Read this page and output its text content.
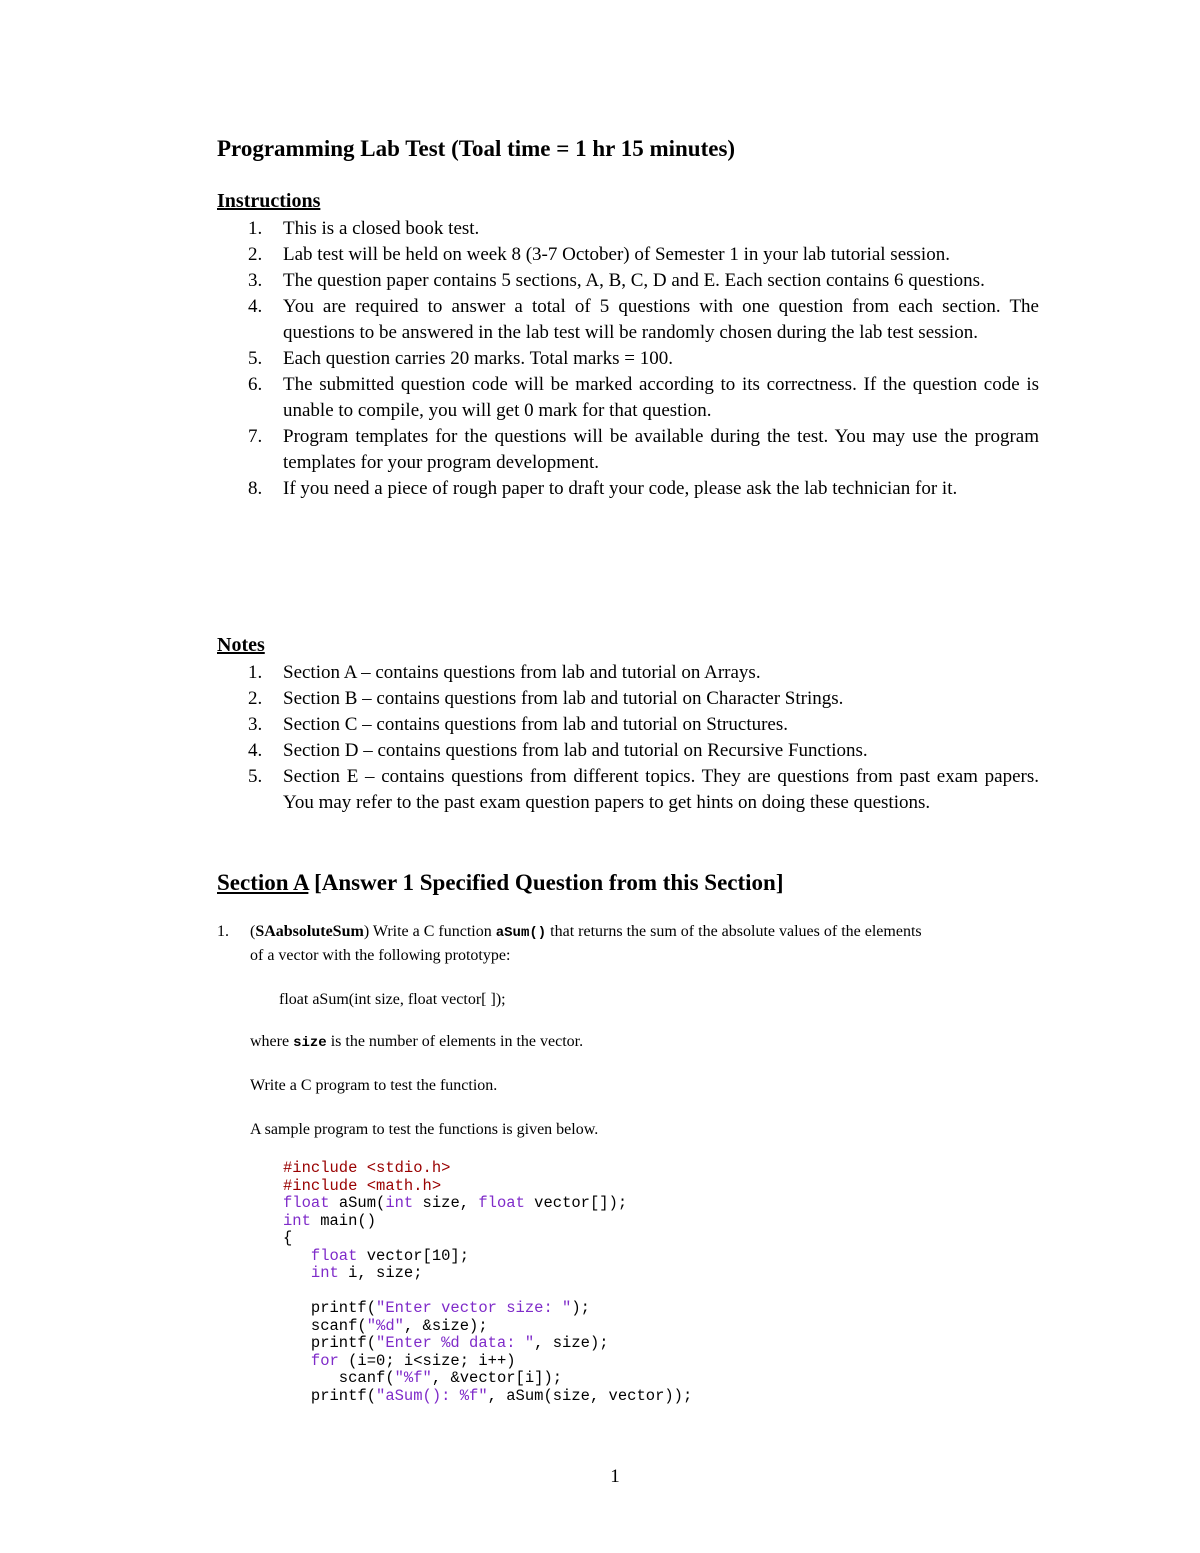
Programming Lab Test (Toal time = 1 hr 15 minutes)
Instructions
1. This is a closed book test.
2. Lab test will be held on week 8 (3-7 October) of Semester 1 in your lab tutorial session.
3. The question paper contains 5 sections, A, B, C, D and E. Each section contains 6 questions.
4. You are required to answer a total of 5 questions with one question from each section. The questions to be answered in the lab test will be randomly chosen during the lab test session.
5. Each question carries 20 marks. Total marks = 100.
6. The submitted question code will be marked according to its correctness. If the question code is unable to compile, you will get 0 mark for that question.
7. Program templates for the questions will be available during the test. You may use the program templates for your program development.
8. If you need a piece of rough paper to draft your code, please ask the lab technician for it.
Notes
1. Section A – contains questions from lab and tutorial on Arrays.
2. Section B – contains questions from lab and tutorial on Character Strings.
3. Section C – contains questions from lab and tutorial on Structures.
4. Section D – contains questions from lab and tutorial on Recursive Functions.
5. Section E – contains questions from different topics. They are questions from past exam papers. You may refer to the past exam question papers to get hints on doing these questions.
Section A [Answer 1 Specified Question from this Section]
1. (SAabsoluteSum) Write a C function aSum() that returns the sum of the absolute values of the elements

of a vector with the following prototype:

float aSum(int size, float vector[ ]);

where size is the number of elements in the vector.

Write a C program to test the function.

A sample program to test the functions is given below.

#include <stdio.h>
#include <math.h>
float aSum(int size, float vector[]);
int main()
{
float vector[10];
int i, size;
printf("Enter vector size: ");
scanf("%d", &size);
printf("Enter %d data: ", size);
for (i=0; i<size; i++)
scanf("%f", &vector[i]);
printf("aSum(): %f", aSum(size, vector));
1
